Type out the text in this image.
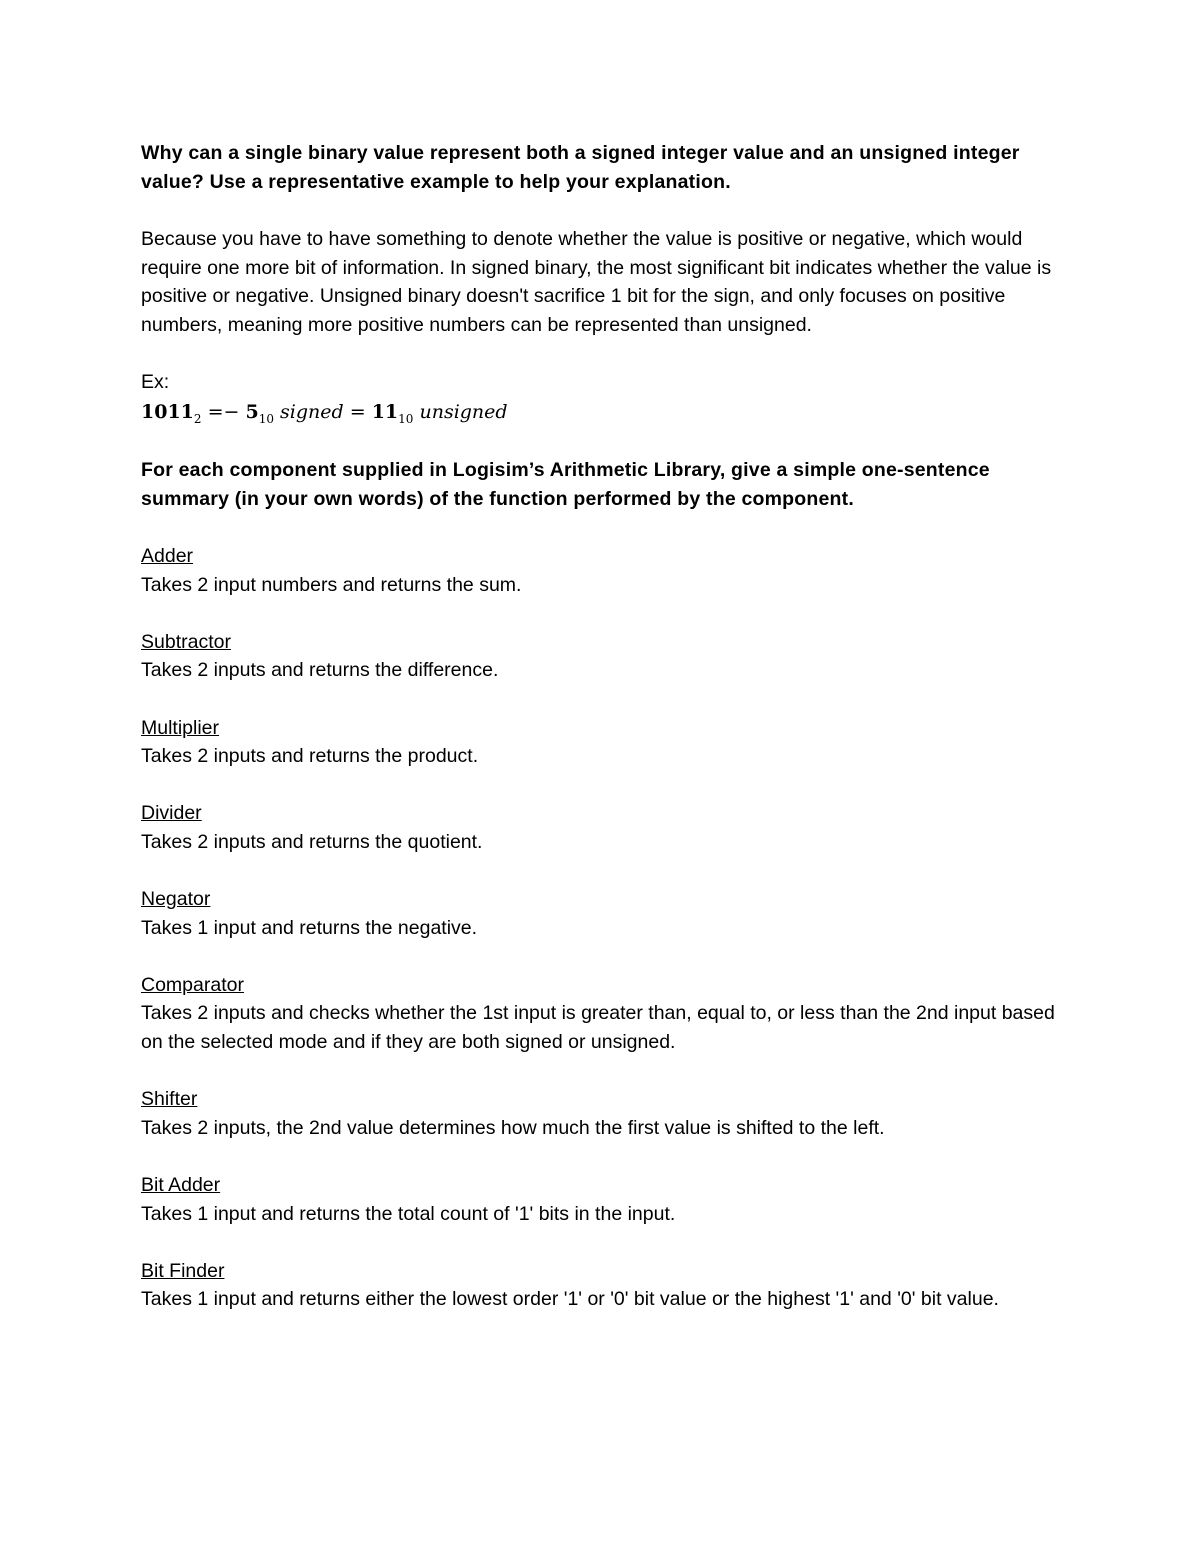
Why can a single binary value represent both a signed integer value and an unsigned integer value? Use a representative example to help your explanation.

Because you have to have something to denote whether the value is positive or negative, which would require one more bit of information. In signed binary, the most significant bit indicates whether the value is positive or negative. Unsigned binary doesn't sacrifice 1 bit for the sign, and only focuses on positive numbers, meaning more positive numbers can be represented than unsigned.

Ex:

$1011_2 =- 5_{10}$ signed = $11_{10}$ unsigned

For each component supplied in Logisim’s Arithmetic Library, give a simple one-sentence summary (in your own words) of the function performed by the component.

Adder

Takes 2 input numbers and returns the sum.

Subtractor

Takes 2 inputs and returns the difference.

Multiplier

Takes 2 inputs and returns the product.

Divider

Takes 2 inputs and returns the quotient.

Negator

Takes 1 input and returns the negative.

Comparator

Takes 2 inputs and checks whether the 1st input is greater than, equal to, or less than the 2nd input based on the selected mode and if they are both signed or unsigned.

Shifter

Takes 2 inputs, the 2nd value determines how much the first value is shifted to the left.

Bit Adder

Takes 1 input and returns the total count of '1' bits in the input.

Bit Finder

Takes 1 input and returns either the lowest order '1' or '0' bit value or the highest '1' and '0' bit value.
